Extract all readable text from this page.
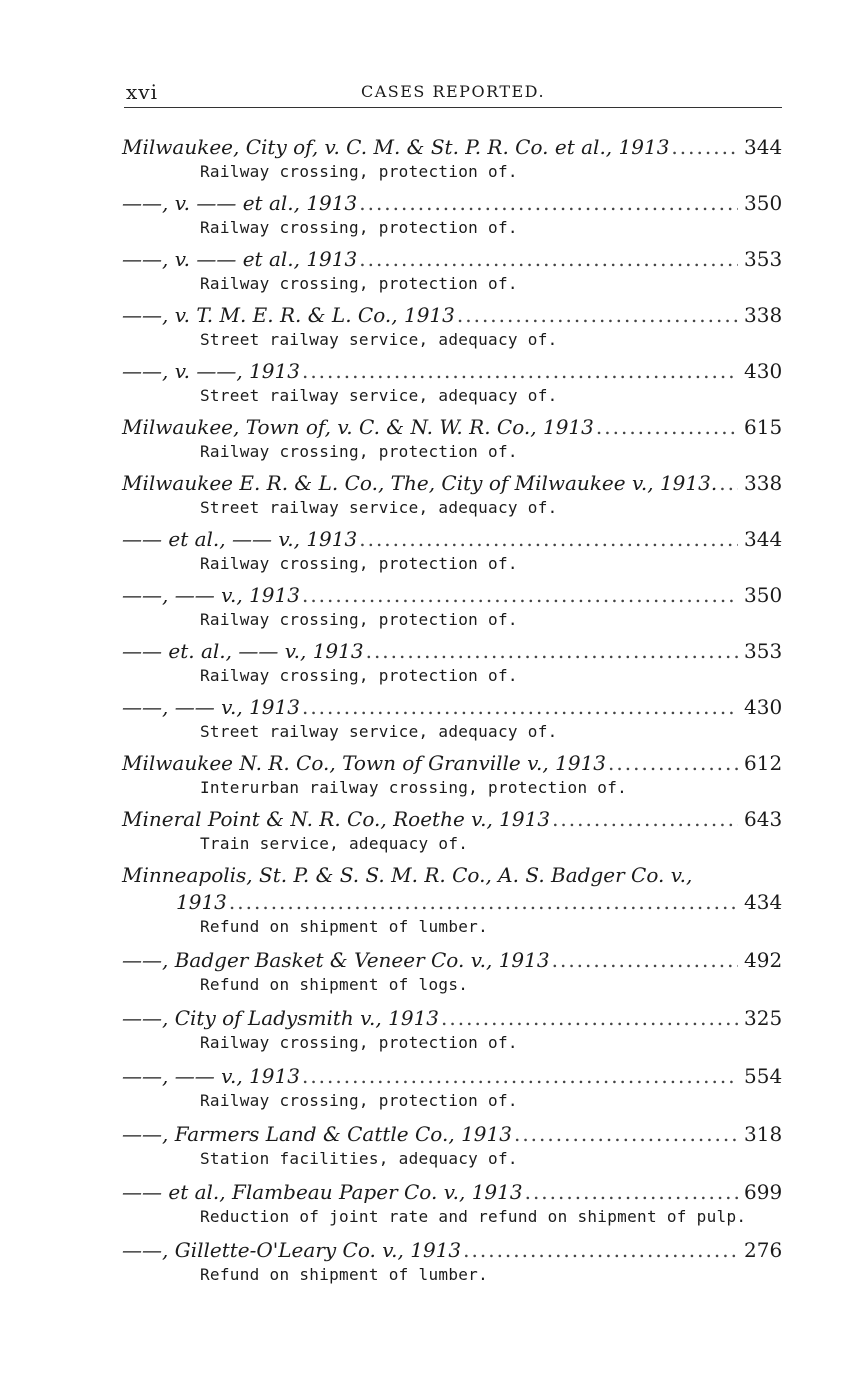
xvi	CASES REPORTED.
Milwaukee, City of, v. C. M. & St. P. R. Co. et al., 1913 .....	344
Railway crossing, protection of.
——, v. —— et al., 1913 .....	350
Railway crossing, protection of.
——, v. —— et al., 1913 .....	353
Railway crossing, protection of.
——, v. T. M. E. R. & L. Co., 1913 .....	338
Street railway service, adequacy of.
——, v. ——, 1913 .....	430
Street railway service, adequacy of.
Milwaukee, Town of, v. C. & N. W. R. Co., 1913 .....	615
Railway crossing, protection of.
Milwaukee E. R. & L. Co., The, City of Milwaukee v., 1913. ..... 338
Street railway service, adequacy of.
—— et al., —— v., 1913 .....	344
Railway crossing, protection of.
——, —— v., 1913 .....	350
Railway crossing, protection of.
—— et. al., —— v., 1913 .....	353
Railway crossing, protection of.
——, —— v., 1913 .....	430
Street railway service, adequacy of.
Milwaukee N. R. Co., Town of Granville v., 1913 .....	612
Interurban railway crossing, protection of.
Mineral Point & N. R. Co., Roethe v., 1913 .....	643
Train service, adequacy of.
Minneapolis, St. P. & S. S. M. R. Co., A. S. Badger Co. v.,
1913 .....	434
Refund on shipment of lumber.
——, Badger Basket & Veneer Co. v., 1913 .....	492
Refund on shipment of logs.
——, City of Ladysmith v., 1913 .....	325
Railway crossing, protection of.
——, —— v., 1913 .....	554
Railway crossing, protection of.
——, Farmers Land & Cattle Co., 1913 .....	318
Station facilities, adequacy of.
—— et al., Flambeau Paper Co. v., 1913 .....	699
Reduction of joint rate and refund on shipment of pulp.
——, Gillette-O'Leary Co. v., 1913 .....	276
Refund on shipment of lumber.
